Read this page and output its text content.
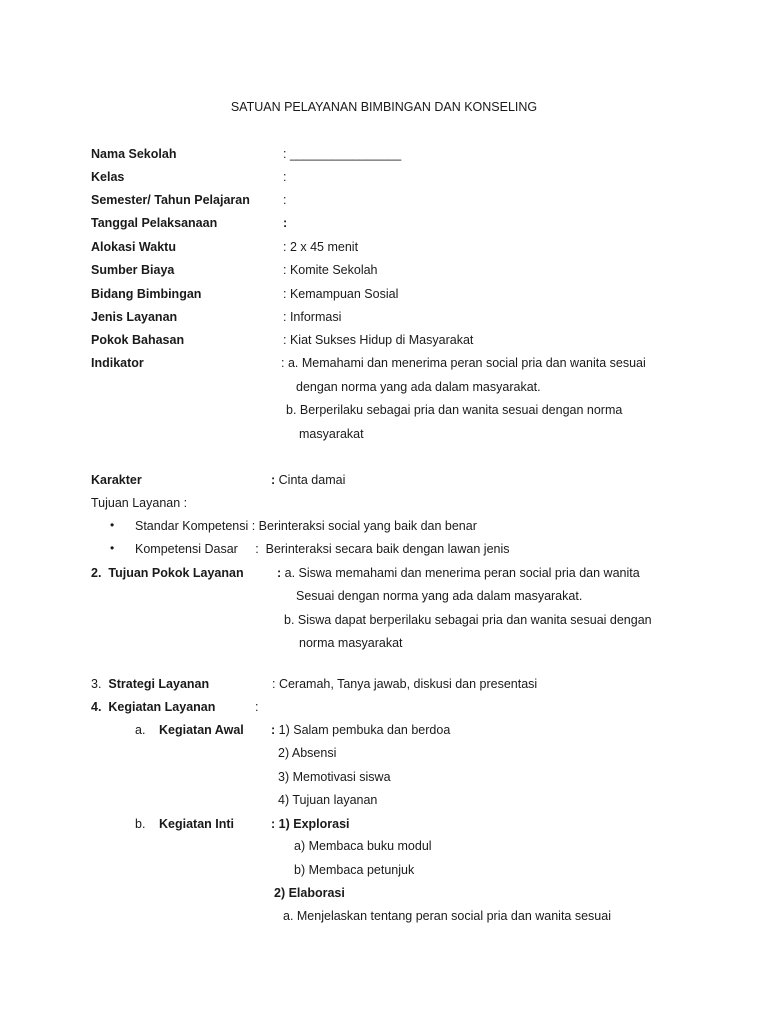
SATUAN PELAYANAN BIMBINGAN DAN KONSELING
Nama Sekolah	: ________________
Kelas	:
Semester/ Tahun Pelajaran	:
Tanggal Pelaksanaan	:
Alokasi Waktu	: 2 x 45 menit
Sumber Biaya	: Komite Sekolah
Bidang Bimbingan	: Kemampuan Sosial
Jenis Layanan	: Informasi
Pokok Bahasan	: Kiat Sukses Hidup di Masyarakat
Indikator	: a. Memahami dan menerima peran social pria dan wanita sesuai
dengan norma yang ada dalam masyarakat.
b. Berperilaku sebagai pria dan wanita sesuai dengan norma
masyarakat
Karakter	: Cinta damai
Tujuan Layanan :
• Standar Kompetensi : Berinteraksi social yang baik dan benar
• Kompetensi Dasar     :  Berinteraksi secara baik dengan lawan jenis
2. Tujuan Pokok Layanan	: a. Siswa memahami dan menerima peran social pria dan wanita
Sesuai dengan norma yang ada dalam masyarakat.
b. Siswa dapat berperilaku sebagai pria dan wanita sesuai dengan
norma masyarakat
3. Strategi Layanan	: Ceramah, Tanya jawab, diskusi dan presentasi
4. Kegiatan Layanan	:
a. Kegiatan Awal : 1) Salam pembuka dan berdoa
2) Absensi
3) Memotivasi siswa
4) Tujuan layanan
b. Kegiatan Inti	: 1) Explorasi
a) Membaca buku modul
b) Membaca petunjuk
2) Elaborasi
a. Menjelaskan tentang peran social pria dan wanita sesuai
